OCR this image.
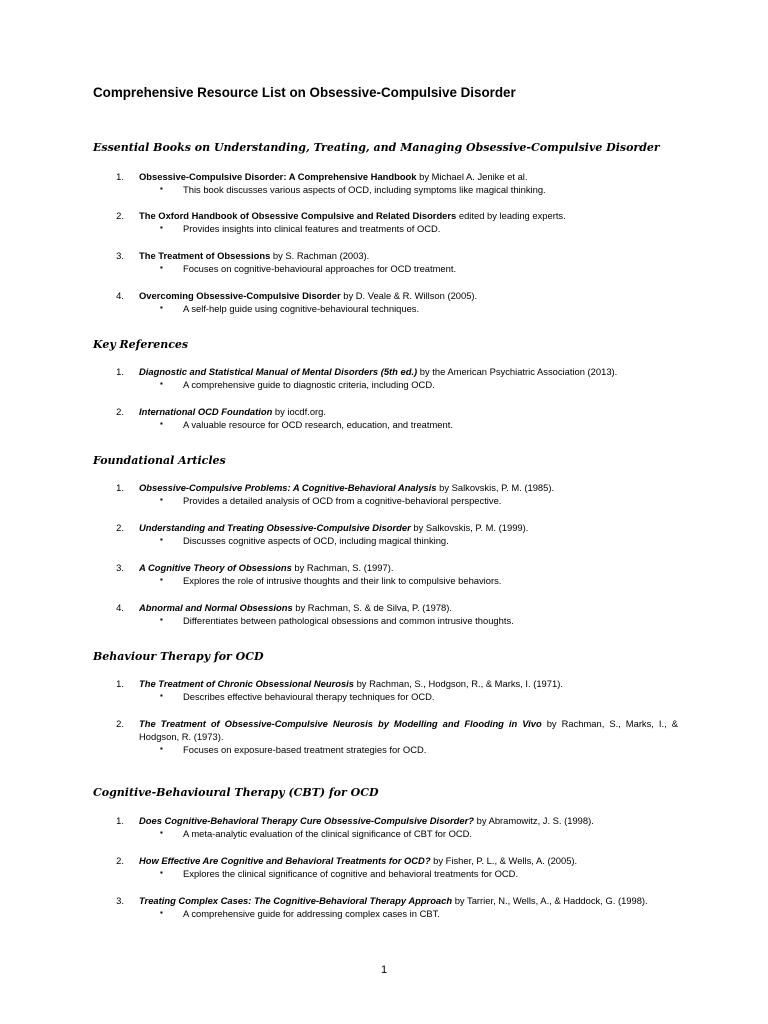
Comprehensive Resource List on Obsessive-Compulsive Disorder
Essential Books on Understanding, Treating, and Managing Obsessive-Compulsive Disorder
1. Obsessive-Compulsive Disorder: A Comprehensive Handbook by Michael A. Jenike et al.
▪ This book discusses various aspects of OCD, including symptoms like magical thinking.
2. The Oxford Handbook of Obsessive Compulsive and Related Disorders edited by leading experts.
▪ Provides insights into clinical features and treatments of OCD.
3. The Treatment of Obsessions by S. Rachman (2003).
▪ Focuses on cognitive-behavioural approaches for OCD treatment.
4. Overcoming Obsessive-Compulsive Disorder by D. Veale & R. Willson (2005).
▪ A self-help guide using cognitive-behavioural techniques.
Key References
1. Diagnostic and Statistical Manual of Mental Disorders (5th ed.) by the American Psychiatric Association (2013).
▪ A comprehensive guide to diagnostic criteria, including OCD.
2. International OCD Foundation by iocdf.org.
▪ A valuable resource for OCD research, education, and treatment.
Foundational Articles
1. Obsessive-Compulsive Problems: A Cognitive-Behavioral Analysis by Salkovskis, P. M. (1985).
▪ Provides a detailed analysis of OCD from a cognitive-behavioral perspective.
2. Understanding and Treating Obsessive-Compulsive Disorder by Salkovskis, P. M. (1999).
▪ Discusses cognitive aspects of OCD, including magical thinking.
3. A Cognitive Theory of Obsessions by Rachman, S. (1997).
▪ Explores the role of intrusive thoughts and their link to compulsive behaviors.
4. Abnormal and Normal Obsessions by Rachman, S. & de Silva, P. (1978).
▪ Differentiates between pathological obsessions and common intrusive thoughts.
Behaviour Therapy for OCD
1. The Treatment of Chronic Obsessional Neurosis by Rachman, S., Hodgson, R., & Marks, I. (1971).
▪ Describes effective behavioural therapy techniques for OCD.
2. The Treatment of Obsessive-Compulsive Neurosis by Modelling and Flooding in Vivo by Rachman, S., Marks, I., & Hodgson, R. (1973).
▪ Focuses on exposure-based treatment strategies for OCD.
Cognitive-Behavioural Therapy (CBT) for OCD
1. Does Cognitive-Behavioral Therapy Cure Obsessive-Compulsive Disorder? by Abramowitz, J. S. (1998).
▪ A meta-analytic evaluation of the clinical significance of CBT for OCD.
2. How Effective Are Cognitive and Behavioral Treatments for OCD? by Fisher, P. L., & Wells, A. (2005).
▪ Explores the clinical significance of cognitive and behavioral treatments for OCD.
3. Treating Complex Cases: The Cognitive-Behavioral Therapy Approach by Tarrier, N., Wells, A., & Haddock, G. (1998).
▪ A comprehensive guide for addressing complex cases in CBT.
1
